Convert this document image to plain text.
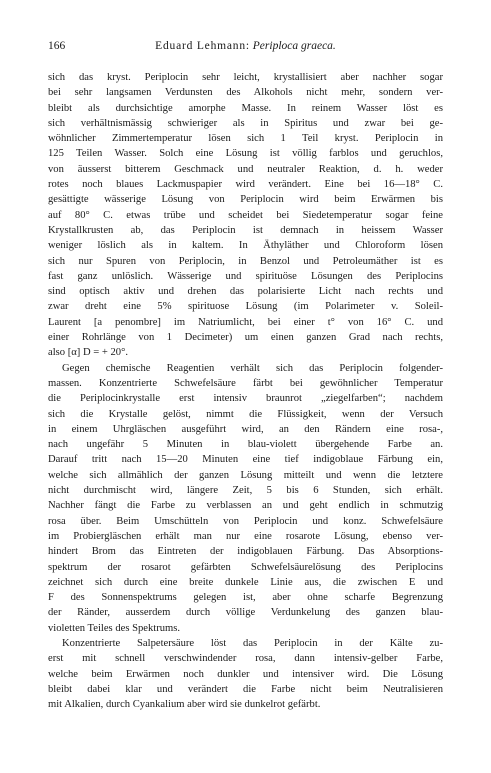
166	Eduard Lehmann: Periploca graeca.
sich das kryst. Periplocin sehr leicht, krystallisiert aber nachher sogar
bei sehr langsamen Verdunsten des Alkohols nicht mehr, sondern ver-
bleibt als durchsichtige amorphe Masse. In reinem Wasser löst es
sich verhältnismässig schwieriger als in Spiritus und zwar bei ge-
wöhnlicher Zimmertemperatur lösen sich 1 Teil kryst. Periplocin in
125 Teilen Wasser. Solch eine Lösung ist völlig farblos und geruchlos,
von äusserst bitterem Geschmack und neutraler Reaktion, d. h. weder
rotes noch blaues Lackmuspapier wird verändert. Eine bei 16—18° C.
gesättigte wässerige Lösung von Periplocin wird beim Erwärmen bis
auf 80° C. etwas trübe und scheidet bei Siedetemperatur sogar feine
Krystallkrusten ab, das Periplocin ist demnach in heissem Wasser
weniger löslich als in kaltem. In Äthyläther und Chloroform lösen
sich nur Spuren von Periplocin, in Benzol und Petroleumäther ist es
fast ganz unlöslich. Wässerige und spirituöse Lösungen des Periplocins
sind optisch aktiv und drehen das polarisierte Licht nach rechts und
zwar dreht eine 5% spirituose Lösung (im Polarimeter v. Soleil-
Laurent [a penombre] im Natriumlicht, bei einer t° von 16° C. und
einer Rohrlänge von 1 Decimeter) um einen ganzen Grad nach rechts,
also [α] D = + 20°.
Gegen chemische Reagentien verhält sich das Periplocin folgender-
massen. Konzentrierte Schwefelsäure färbt bei gewöhnlicher Temperatur
die Periplocinkrystalle erst intensiv braunrot „ziegelfarben“; nachdem
sich die Krystalle gelöst, nimmt die Flüssigkeit, wenn der Versuch
in einem Uhrgläschen ausgeführt wird, an den Rändern eine rosa-,
nach ungefähr 5 Minuten in blau-violett übergehende Farbe an.
Darauf tritt nach 15—20 Minuten eine tief indigoblaue Färbung ein,
welche sich allmählich der ganzen Lösung mitteilt und wenn die letztere
nicht durchmischt wird, längere Zeit, 5 bis 6 Stunden, sich erhält.
Nachher fängt die Farbe zu verblassen an und geht endlich in schmutzig
rosa über. Beim Umschütteln von Periplocin und konz. Schwefelsäure
im Probiergläschen erhält man nur eine rosarote Lösung, ebenso ver-
hindert Brom das Eintreten der indigoblauen Färbung. Das Absorptions-
spektrum der rosarot gefärbten Schwefelsäurelösung des Periplocins
zeichnet sich durch eine breite dunkele Linie aus, die zwischen E und
F des Sonnenspektrums gelegen ist, aber ohne scharfe Begrenzung
der Ränder, ausserdem durch völlige Verdunkelung des ganzen blau-
violetten Teiles des Spektrums.
Konzentrierte Salpetersäure löst das Periplocin in der Kälte zu-
erst mit schnell verschwindender rosa, dann intensiv-gelber Farbe,
welche beim Erwärmen noch dunkler und intensiver wird. Die Lösung
bleibt dabei klar und verändert die Farbe nicht beim Neutralisieren
mit Alkalien, durch Cyankalium aber wird sie dunkelrot gefärbt.
